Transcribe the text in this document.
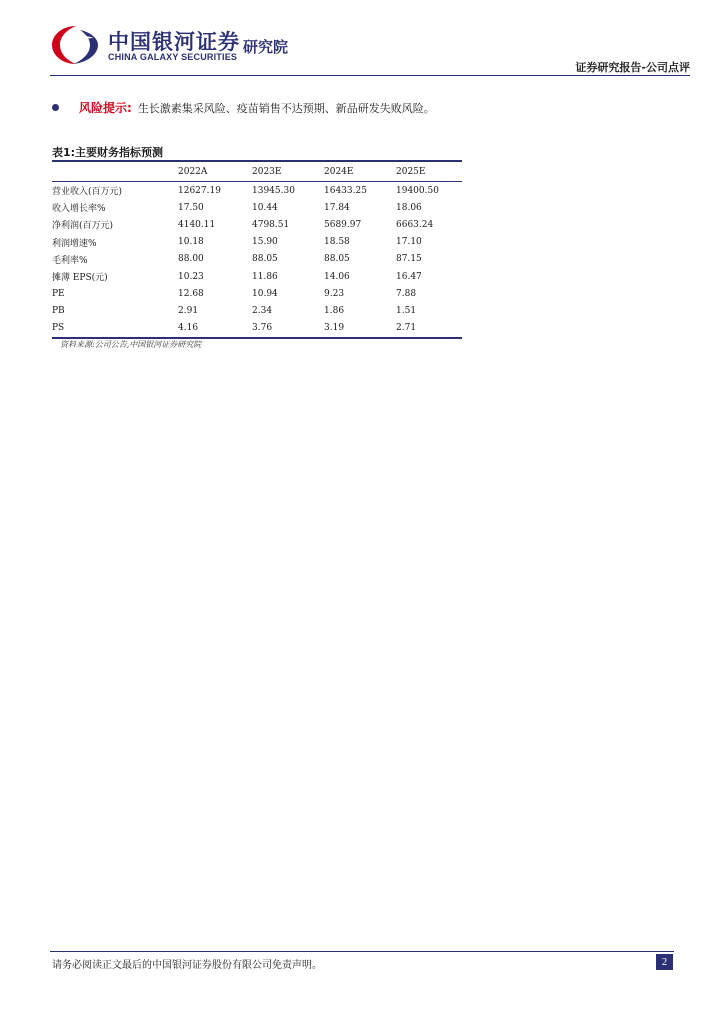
中国银河证券 研究院
CHINA GALAXY SECURITIES
证券研究报告-公司点评
风险提示: 生长激素集采风险、疫苗销售不达预期、新品研发失败风险。
表1:主要财务指标预测
	2022A	2023E	2024E	2025E
营业收入(百万元)	12627.19	13945.30	16433.25	19400.50
收入增长率%	17.50	10.44	17.84	18.06
净利润(百万元)	4140.11	4798.51	5689.97	6663.24
利润增速%	10.18	15.90	18.58	17.10
毛利率%	88.00	88.05	88.05	87.15
摊薄 EPS(元)	10.23	11.86	14.06	16.47
PE	12.68	10.94	9.23	7.88
PB	2.91	2.34	1.86	1.51
PS	4.16	3.76	3.19	2.71
资料来源:公司公告,中国银河证券研究院
请务必阅读正文最后的中国银河证券股份有限公司免责声明。	2
